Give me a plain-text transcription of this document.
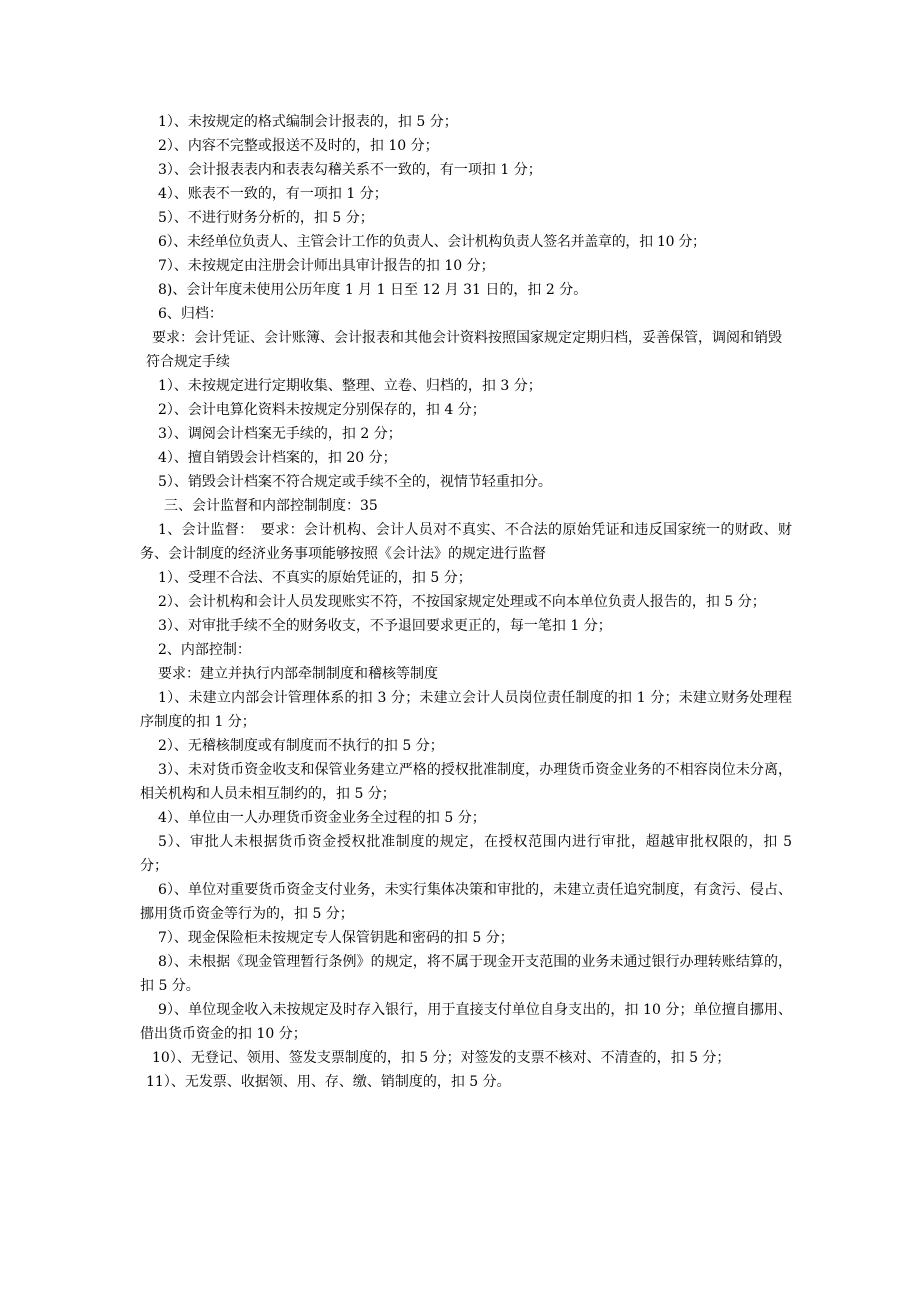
1）、未按规定的格式编制会计报表的，扣 5 分；

2）、内容不完整或报送不及时的，扣 10 分；

3）、会计报表表内和表表勾稽关系不一致的，有一项扣 1 分；

4）、账表不一致的，有一项扣 1 分；

5）、不进行财务分析的，扣 5 分；

6）、未经单位负责人、主管会计工作的负责人、会计机构负责人签名并盖章的，扣 10 分；

7）、未按规定由注册会计师出具审计报告的扣 10 分；

8)、会计年度未使用公历年度 1 月 1 日至 12 月 31 日的，扣 2 分。

6、归档：

要求：会计凭证、会计账簿、会计报表和其他会计资料按照国家规定定期归档，妥善保管，调阅和销毁

符合规定手续

1）、未按规定进行定期收集、整理、立卷、归档的，扣 3 分；

2）、会计电算化资料未按规定分别保存的，扣 4 分；

3）、调阅会计档案无手续的，扣 2 分；

4）、擅自销毁会计档案的，扣 20 分；

5）、销毁会计档案不符合规定或手续不全的，视情节轻重扣分。

三、会计监督和内部控制制度：35

1、会计监督：　要求：会计机构、会计人员对不真实、不合法的原始凭证和违反国家统一的财政、财务、会计制度的经济业务事项能够按照《会计法》的规定进行监督

1）、受理不合法、不真实的原始凭证的，扣 5 分；

2）、会计机构和会计人员发现账实不符，不按国家规定处理或不向本单位负责人报告的，扣 5 分；

3）、对审批手续不全的财务收支，不予退回要求更正的，每一笔扣 1 分；

2、内部控制：

要求：建立并执行内部牵制制度和稽核等制度

1）、未建立内部会计管理体系的扣 3 分；未建立会计人员岗位责任制度的扣 1 分；未建立财务处理程序制度的扣 1 分；

2）、无稽核制度或有制度而不执行的扣 5 分；

3）、未对货币资金收支和保管业务建立严格的授权批准制度，办理货币资金业务的不相容岗位未分离，相关机构和人员未相互制约的，扣 5 分；

4）、单位由一人办理货币资金业务全过程的扣 5 分；

5）、审批人未根据货币资金授权批准制度的规定，在授权范围内进行审批，超越审批权限的，扣 5 分；

6）、单位对重要货币资金支付业务，未实行集体决策和审批的，未建立责任追究制度，有贪污、侵占、挪用货币资金等行为的，扣 5 分；

7）、现金保险柜未按规定专人保管钥匙和密码的扣 5 分；

8）、未根据《现金管理暂行条例》的规定，将不属于现金开支范围的业务未通过银行办理转账结算的，扣 5 分。

9）、单位现金收入未按规定及时存入银行，用于直接支付单位自身支出的，扣 10 分；单位擅自挪用、借出货币资金的扣 10 分；

10）、无登记、领用、签发支票制度的，扣 5 分；对签发的支票不核对、不清查的，扣 5 分；

11）、无发票、收据领、用、存、缴、销制度的，扣 5 分。
